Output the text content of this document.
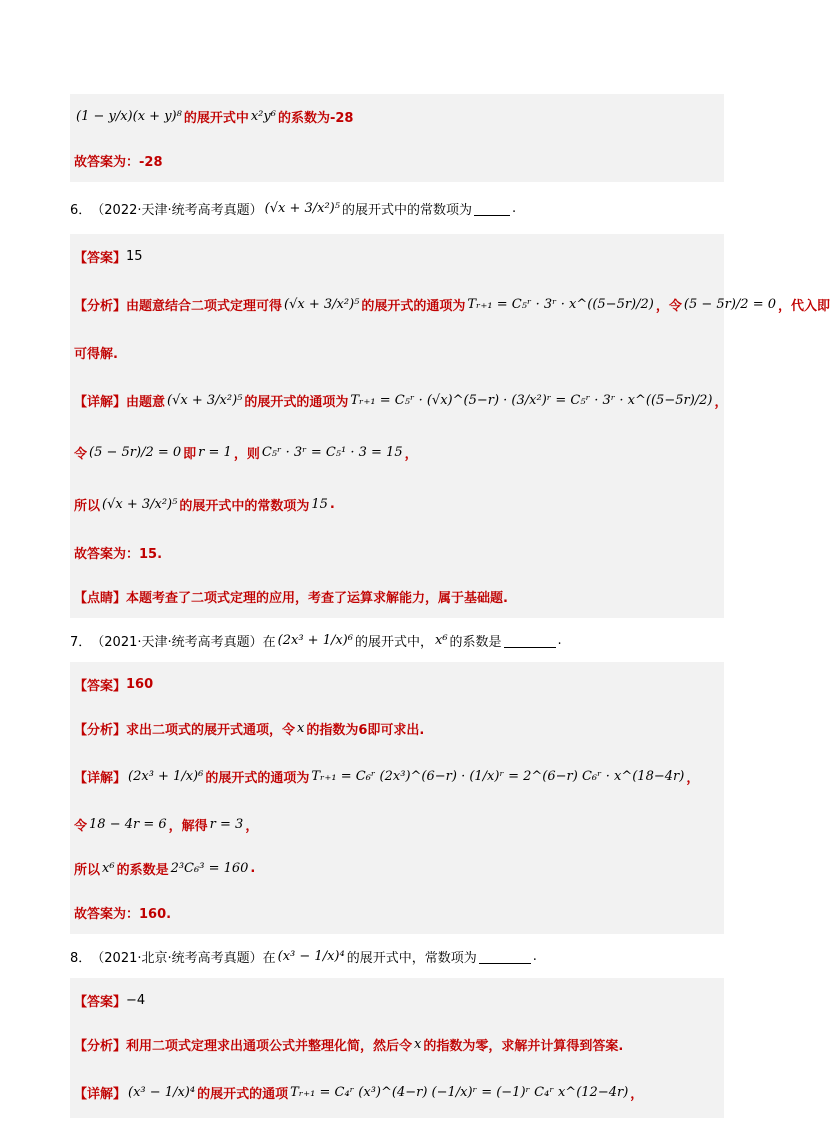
(1 − y/x)(x + y)⁸ 的展开式中 x²y⁶ 的系数为-28
故答案为：-28
6． （2022·天津·统考高考真题） (√x + 3/x²)⁵ 的展开式中的常数项为	.
【答案】 15
【分析】 由题意结合二项式定理可得 (√x + 3/x²)⁵ 的展开式的通项为 Tᵣ₊₁ = C₅ʳ · 3ʳ · x^((5−5r)/2) ，令 (5 − 5r)/2 = 0 ，代入即
可得解.
【详解】 由题意 (√x + 3/x²)⁵ 的展开式的通项为 Tᵣ₊₁ = C₅ʳ · (√x)^(5−r) · (3/x²)ʳ = C₅ʳ · 3ʳ · x^((5−5r)/2) ，
令 (5 − 5r)/2 = 0 即 r = 1 ，则 C₅ʳ · 3ʳ = C₅¹ · 3 = 15 ，
所以 (√x + 3/x²)⁵ 的展开式中的常数项为 15 .
故答案为：15.
【点睛】 本题考查了二项式定理的应用，考查了运算求解能力，属于基础题.
7． （2021·天津·统考高考真题） 在 (2x³ + 1/x)⁶ 的展开式中， x⁶ 的系数是	.
【答案】 160
【分析】 求出二项式的展开式通项，令 x 的指数为6即可求出.
【详解】 (2x³ + 1/x)⁶ 的展开式的通项为 Tᵣ₊₁ = C₆ʳ (2x³)^(6−r) · (1/x)ʳ = 2^(6−r) C₆ʳ · x^(18−4r) ，
令 18 − 4r = 6 ，解得 r = 3 ，
所以 x⁶ 的系数是 2³C₆³ = 160 .
故答案为：160.
8． （2021·北京·统考高考真题） 在 (x³ − 1/x)⁴ 的展开式中，常数项为	.
【答案】 −4
【分析】 利用二项式定理求出通项公式并整理化简，然后令 x 的指数为零，求解并计算得到答案.
【详解】 (x³ − 1/x)⁴ 的展开式的通项 Tᵣ₊₁ = C₄ʳ (x³)^(4−r) (−1/x)ʳ = (−1)ʳ C₄ʳ x^(12−4r) ，
